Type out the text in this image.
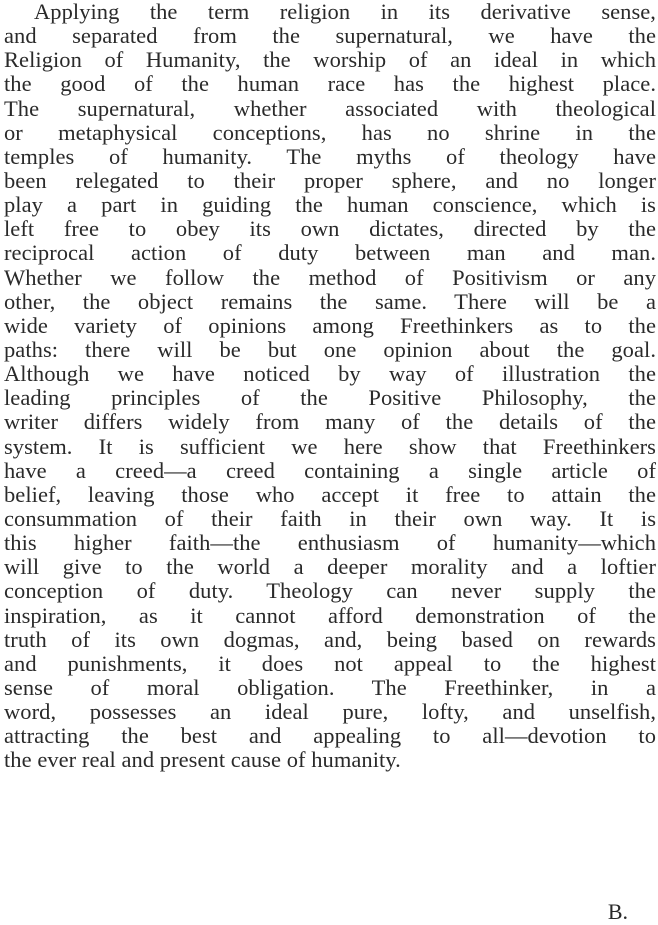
Applying the term religion in its derivative sense,
and separated from the supernatural, we have the
Religion of Humanity, the worship of an ideal in which
the good of the human race has the highest place.
The supernatural, whether associated with theological
or metaphysical conceptions, has no shrine in the
temples of humanity. The myths of theology have
been relegated to their proper sphere, and no longer
play a part in guiding the human conscience, which is
left free to obey its own dictates, directed by the
reciprocal action of duty between man and man.
Whether we follow the method of Positivism or any
other, the object remains the same. There will be a
wide variety of opinions among Freethinkers as to the
paths: there will be but one opinion about the goal.
Although we have noticed by way of illustration the
leading principles of the Positive Philosophy, the
writer differs widely from many of the details of the
system. It is sufficient we here show that Freethinkers
have a creed—a creed containing a single article of
belief, leaving those who accept it free to attain the
consummation of their faith in their own way. It is
this higher faith—the enthusiasm of humanity—which
will give to the world a deeper morality and a loftier
conception of duty. Theology can never supply the
inspiration, as it cannot afford demonstration of the
truth of its own dogmas, and, being based on rewards
and punishments, it does not appeal to the highest
sense of moral obligation. The Freethinker, in a
word, possesses an ideal pure, lofty, and unselfish,
attracting the best and appealing to all—devotion to
the ever real and present cause of humanity.
B.
